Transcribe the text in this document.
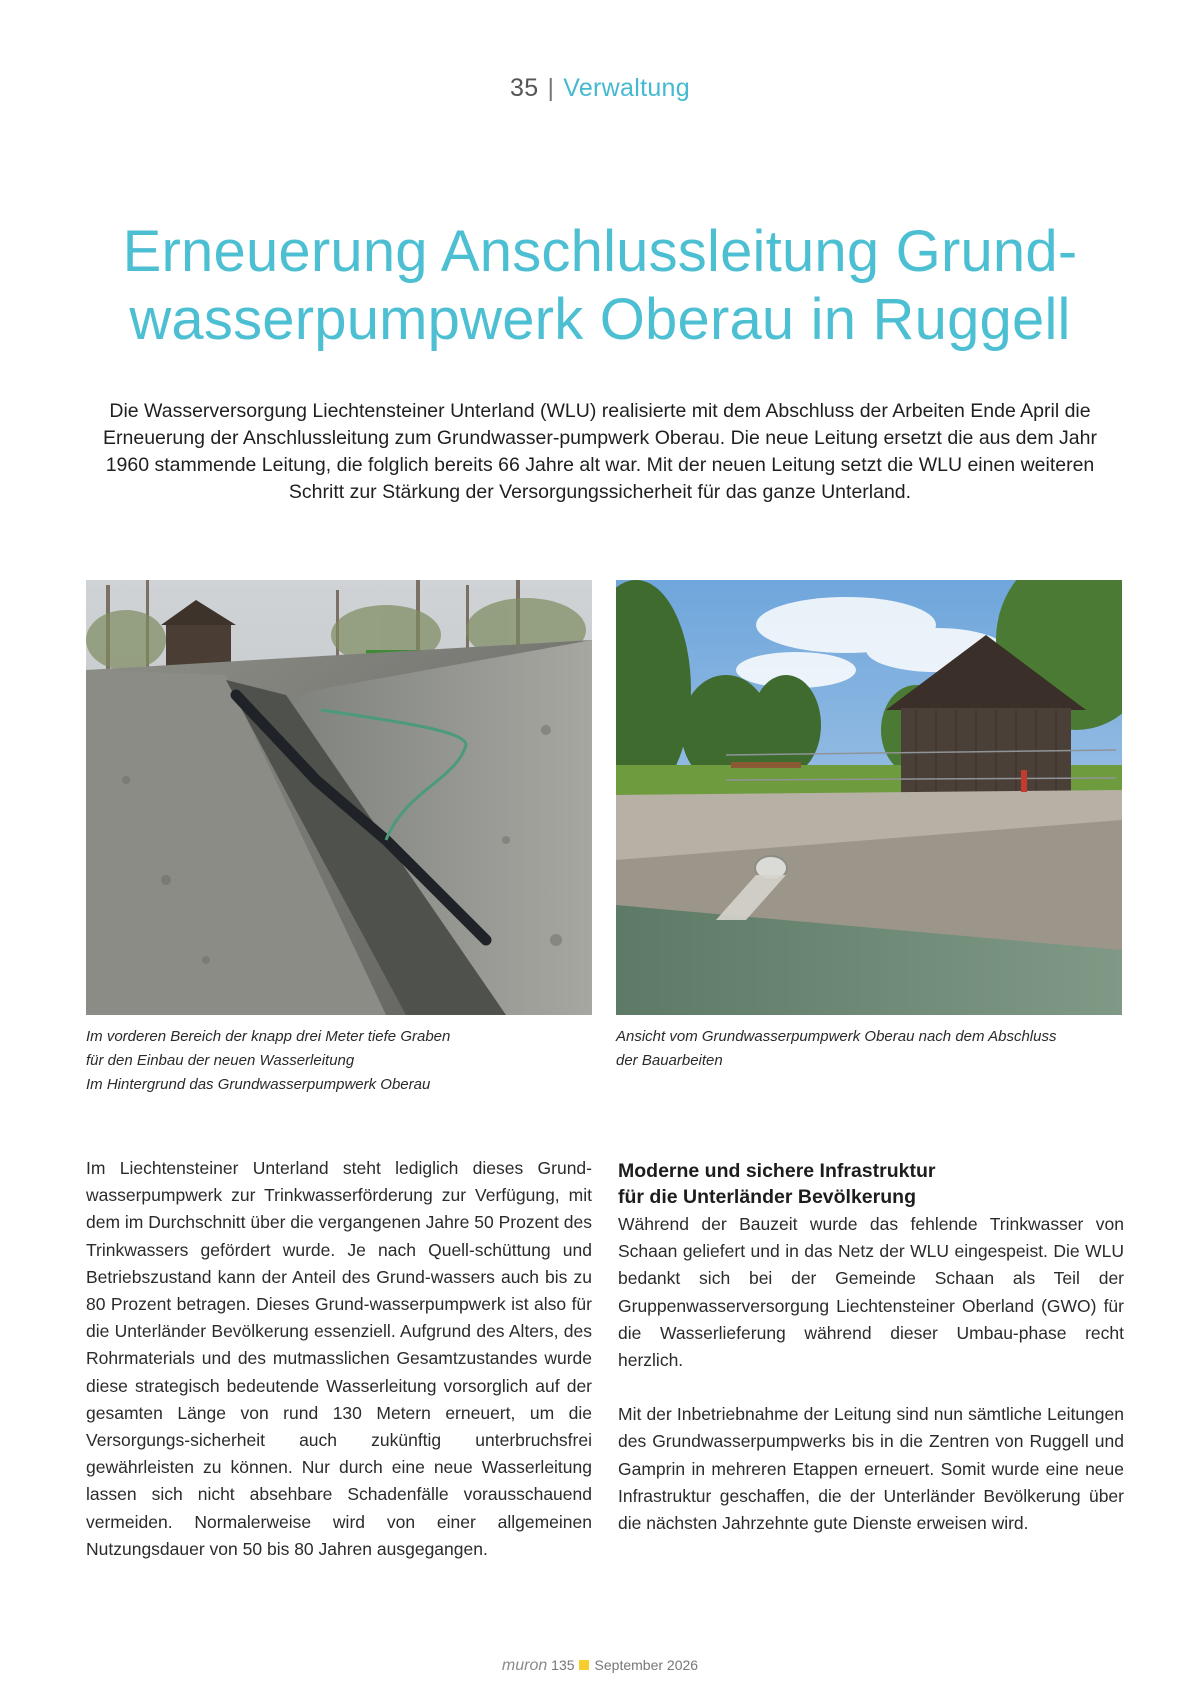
35 | Verwaltung
Erneuerung Anschlussleitung Grund-
wasserpumpwerk Oberau in Ruggell

Die Wasserversorgung Liechtensteiner Unterland (WLU) realisierte mit dem Abschluss der Arbeiten Ende April die Erneuerung der Anschlussleitung zum Grundwasser-pumpwerk Oberau. Die neue Leitung ersetzt die aus dem Jahr 1960 stammende Leitung, die folglich bereits 66 Jahre alt war. Mit der neuen Leitung setzt die WLU einen weiteren Schritt zur Stärkung der Versorgungssicherheit für das ganze Unterland.

Im vorderen Bereich der knapp drei Meter tiefe Graben
für den Einbau der neuen Wasserleitung
Im Hintergrund das Grundwasserpumpwerk Oberau
Ansicht vom Grundwasserpumpwerk Oberau nach dem Abschluss
der Bauarbeiten

Im Liechtensteiner Unterland steht lediglich dieses Grund-wasserpumpwerk zur Trinkwasserförderung zur Verfügung, mit dem im Durchschnitt über die vergangenen Jahre 50 Prozent des Trinkwassers gefördert wurde. Je nach Quell-schüttung und Betriebszustand kann der Anteil des Grund-wassers auch bis zu 80 Prozent betragen. Dieses Grund-wasserpumpwerk ist also für die Unterländer Bevölkerung essenziell. Aufgrund des Alters, des Rohrmaterials und des mutmasslichen Gesamtzustandes wurde diese strategisch bedeutende Wasserleitung vorsorglich auf der gesamten Länge von rund 130 Metern erneuert, um die Versorgungs-sicherheit auch zukünftig unterbruchsfrei gewährleisten zu können. Nur durch eine neue Wasserleitung lassen sich nicht absehbare Schadenfälle vorausschauend vermeiden. Normalerweise wird von einer allgemeinen Nutzungsdauer von 50 bis 80 Jahren ausgegangen.

Moderne und sichere Infrastruktur
für die Unterländer Bevölkerung

Während der Bauzeit wurde das fehlende Trinkwasser von Schaan geliefert und in das Netz der WLU eingespeist. Die WLU bedankt sich bei der Gemeinde Schaan als Teil der Gruppenwasserversorgung Liechtensteiner Oberland (GWO) für die Wasserlieferung während dieser Umbau-phase recht herzlich.

Mit der Inbetriebnahme der Leitung sind nun sämtliche Leitungen des Grundwasserpumpwerks bis in die Zentren von Ruggell und Gamprin in mehreren Etappen erneuert. Somit wurde eine neue Infrastruktur geschaffen, die der Unterländer Bevölkerung über die nächsten Jahrzehnte gute Dienste erweisen wird.

muron 135 September 2026
